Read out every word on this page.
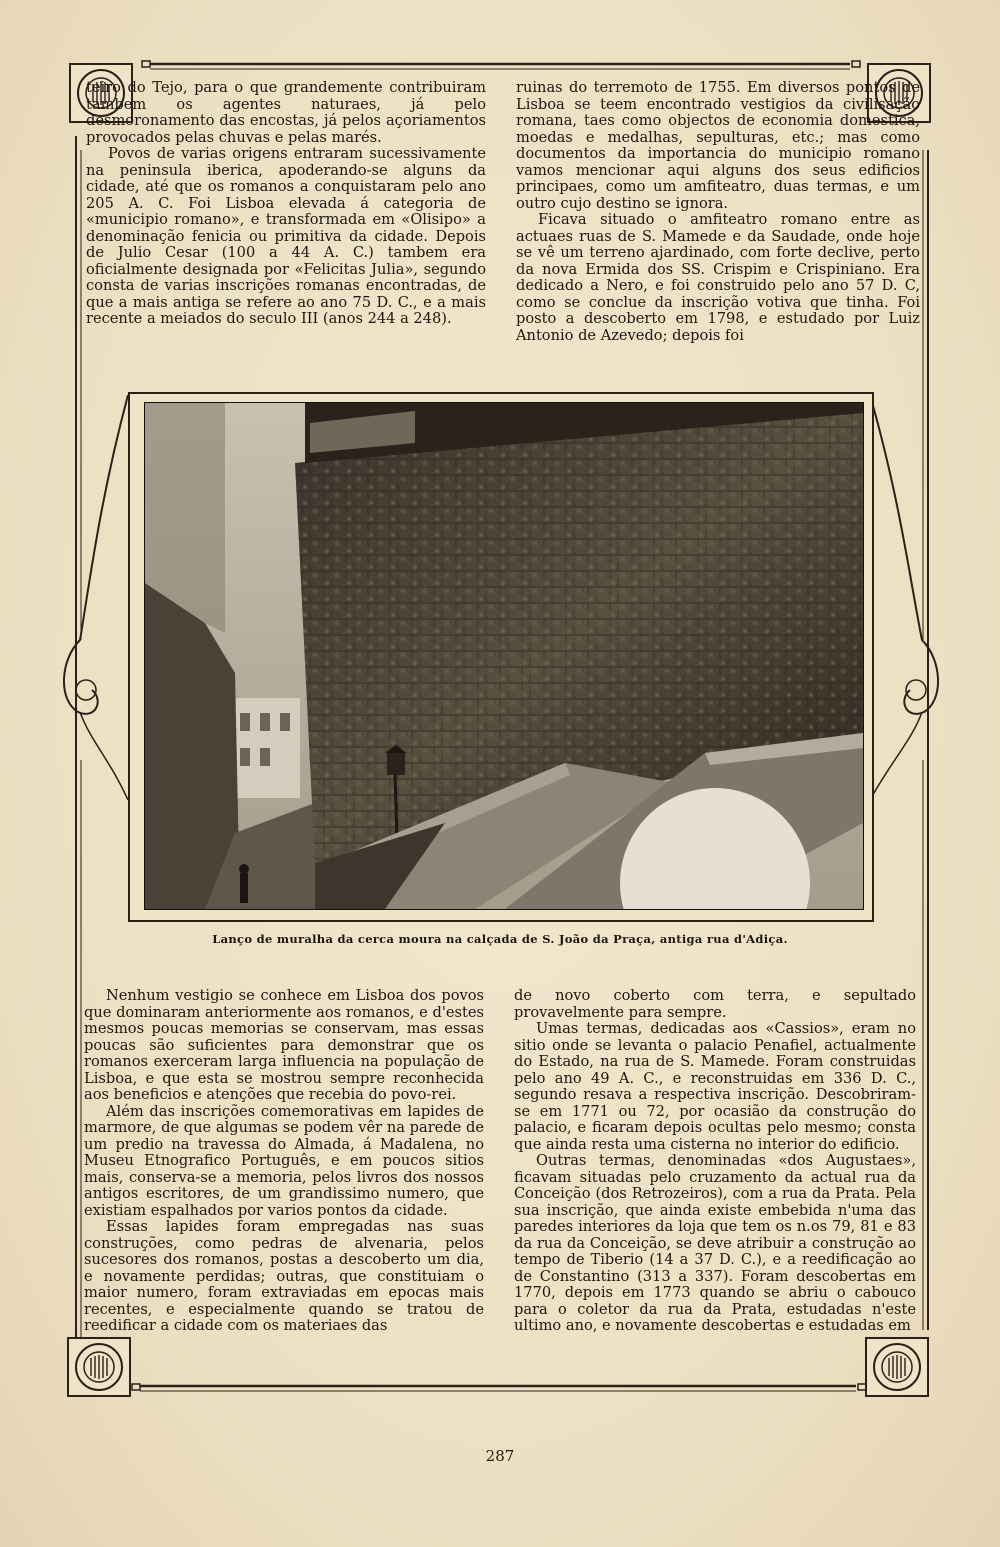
teiro do Tejo, para o que grandemente contribuiram tambem os agentes naturaes, já pelo desmoronamento das encostas, já pelos açoriamentos provocados pelas chuvas e pelas marés.

Povos de varias origens entraram sucessivamente na peninsula iberica, apoderando-se alguns da cidade, até que os romanos a conquistaram pelo ano 205 A. C. Foi Lisboa elevada á categoria de «municipio romano», e transformada em «Olisipo» a denominação fenicia ou primitiva da cidade. Depois de Julio Cesar (100 a 44 A. C.) tambem era oficialmente designada por «Felicitas Julia», segundo consta de varias inscrições romanas encontradas, de que a mais antiga se refere ao ano 75 D. C., e a mais recente a meiados do seculo III (anos 244 a 248).

ruinas do terremoto de 1755. Em diversos pontos de Lisboa se teem encontrado vestigios da civilisação romana, taes como objectos de economia domestica, moedas e medalhas, sepulturas, etc.; mas como documentos da importancia do municipio romano vamos mencionar aqui alguns dos seus edificios principaes, como um amfiteatro, duas termas, e um outro cujo destino se ignora.

Ficava situado o amfiteatro romano entre as actuaes ruas de S. Mamede e da Saudade, onde hoje se vê um terreno ajardinado, com forte declive, perto da nova Ermida dos SS. Crispim e Crispiniano. Era dedicado a Nero, e foi construido pelo ano 57 D. C, como se conclue da inscrição votiva que tinha. Foi posto a descoberto em 1798, e estudado por Luiz Antonio de Azevedo; depois foi

Lanço de muralha da cerca moura na calçada de S. João da Praça, antiga rua d'Adiça.

Nenhum vestigio se conhece em Lisboa dos povos que dominaram anteriormente aos romanos, e d'estes mesmos poucas memorias se conservam, mas essas poucas são suficientes para demonstrar que os romanos exerceram larga influencia na população de Lisboa, e que esta se mostrou sempre reconhecida aos beneficios e atenções que recebia do povo-rei.

Além das inscrições comemorativas em lapides de marmore, de que algumas se podem vêr na parede de um predio na travessa do Almada, á Madalena, no Museu Etnografico Português, e em poucos sitios mais, conserva-se a memoria, pelos livros dos nossos antigos escritores, de um grandissimo numero, que existiam espalhados por varios pontos da cidade.

Essas lapides foram empregadas nas suas construções, como pedras de alvenaria, pelos sucesores dos romanos, postas a descoberto um dia, e novamente perdidas; outras, que constituiam o maior numero, foram extraviadas em epocas mais recentes, e especialmente quando se tratou de reedificar a cidade com os materiaes das

de novo coberto com terra, e sepultado provavelmente para sempre.

Umas termas, dedicadas aos «Cassios», eram no sitio onde se levanta o palacio Penafiel, actualmente do Estado, na rua de S. Mamede. Foram construidas pelo ano 49 A. C., e reconstruidas em 336 D. C., segundo resava a respectiva inscrição. Descobriram-se em 1771 ou 72, por ocasião da construção do palacio, e ficaram depois ocultas pelo mesmo; consta que ainda resta uma cisterna no interior do edificio.

Outras termas, denominadas «dos Augustaes», ficavam situadas pelo cruzamento da actual rua da Conceição (dos Retrozeiros), com a rua da Prata. Pela sua inscrição, que ainda existe embebida n'uma das paredes interiores da loja que tem os n.os 79, 81 e 83 da rua da Conceição, se deve atribuir a construção ao tempo de Tiberio (14 a 37 D. C.), e a reedificação ao de Constantino (313 a 337). Foram descobertas em 1770, depois em 1773 quando se abriu o cabouco para o coletor da rua da Prata, estudadas n'este ultimo ano, e novamente descobertas e estudadas em

287
